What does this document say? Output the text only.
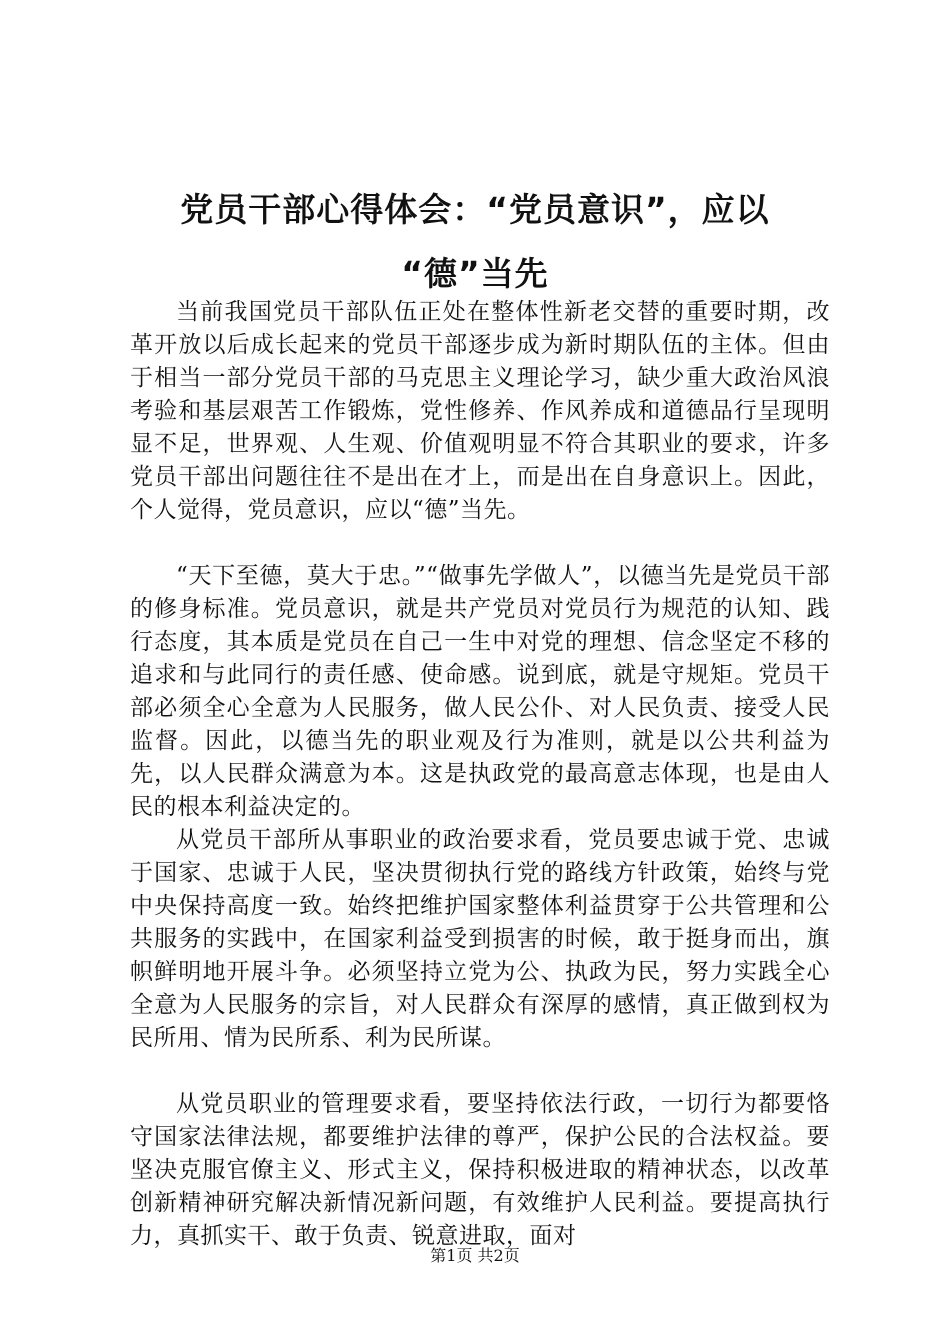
党员干部心得体会：“党员意识”，应以
“德”当先

当前我国党员干部队伍正处在整体性新老交替的重要时期，改革开放以后成长起来的党员干部逐步成为新时期队伍的主体。但由于相当一部分党员干部的马克思主义理论学习，缺少重大政治风浪考验和基层艰苦工作锻炼，党性修养、作风养成和道德品行呈现明显不足，世界观、人生观、价值观明显不符合其职业的要求，许多党员干部出问题往往不是出在才上，而是出在自身意识上。因此，个人觉得，党员意识，应以“德”当先。

“天下至德，莫大于忠。”“做事先学做人”，以德当先是党员干部的修身标准。党员意识，就是共产党员对党员行为规范的认知、践行态度，其本质是党员在自己一生中对党的理想、信念坚定不移的追求和与此同行的责任感、使命感。说到底，就是守规矩。党员干部必须全心全意为人民服务，做人民公仆、对人民负责、接受人民监督。因此，以德当先的职业观及行为准则，就是以公共利益为先，以人民群众满意为本。这是执政党的最高意志体现，也是由人民的根本利益决定的。

从党员干部所从事职业的政治要求看，党员要忠诚于党、忠诚于国家、忠诚于人民，坚决贯彻执行党的路线方针政策，始终与党中央保持高度一致。始终把维护国家整体利益贯穿于公共管理和公共服务的实践中，在国家利益受到损害的时候，敢于挺身而出，旗帜鲜明地开展斗争。必须坚持立党为公、执政为民，努力实践全心全意为人民服务的宗旨，对人民群众有深厚的感情，真正做到权为民所用、情为民所系、利为民所谋。

从党员职业的管理要求看，要坚持依法行政，一切行为都要恪守国家法律法规，都要维护法律的尊严，保护公民的合法权益。要坚决克服官僚主义、形式主义，保持积极进取的精神状态，以改革创新精神研究解决新情况新问题，有效维护人民利益。要提高执行力，真抓实干、敢于负责、锐意进取，面对

第1页 共2页
